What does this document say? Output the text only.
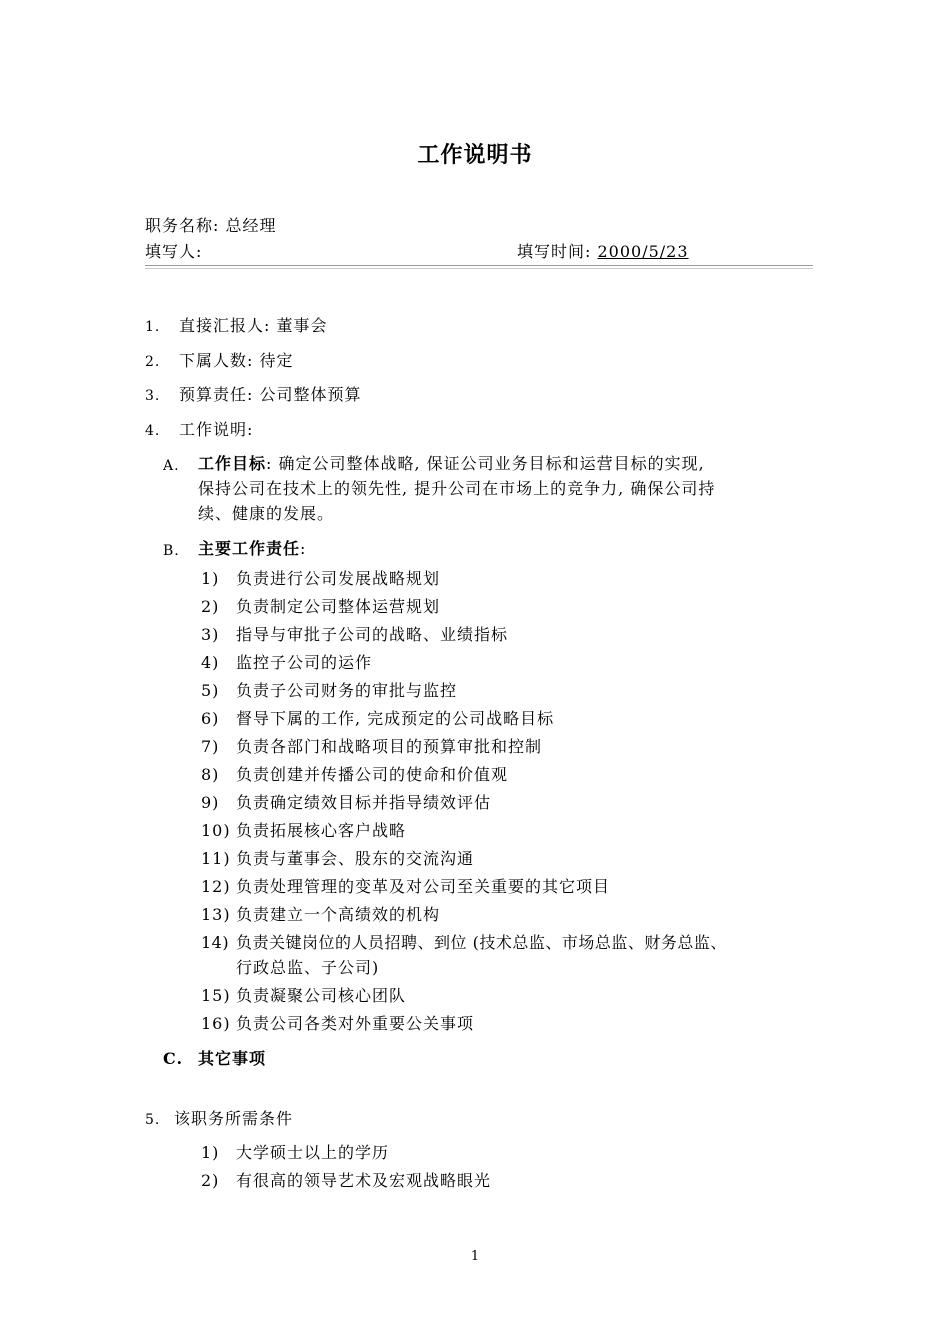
工作说明书
职务名称: 总经理
填写人:	填写时间: 2000/5/23
1. 直接汇报人: 董事会
2. 下属人数: 待定
3. 预算责任: 公司整体预算
4. 工作说明:
A. 工作目标: 确定公司整体战略, 保证公司业务目标和运营目标的实现,
保持公司在技术上的领先性, 提升公司在市场上的竞争力, 确保公司持
续、健康的发展。
B. 主要工作责任:
1) 负责进行公司发展战略规划
2) 负责制定公司整体运营规划
3) 指导与审批子公司的战略、业绩指标
4) 监控子公司的运作
5) 负责子公司财务的审批与监控
6) 督导下属的工作, 完成预定的公司战略目标
7) 负责各部门和战略项目的预算审批和控制
8) 负责创建并传播公司的使命和价值观
9) 负责确定绩效目标并指导绩效评估
10) 负责拓展核心客户战略
11) 负责与董事会、股东的交流沟通
12) 负责处理管理的变革及对公司至关重要的其它项目
13) 负责建立一个高绩效的机构
14) 负责关键岗位的人员招聘、到位 (技术总监、市场总监、财务总监、
行政总监、子公司)
15) 负责凝聚公司核心团队
16) 负责公司各类对外重要公关事项
C. 其它事项
5. 该职务所需条件
1) 大学硕士以上的学历
2) 有很高的领导艺术及宏观战略眼光
1
